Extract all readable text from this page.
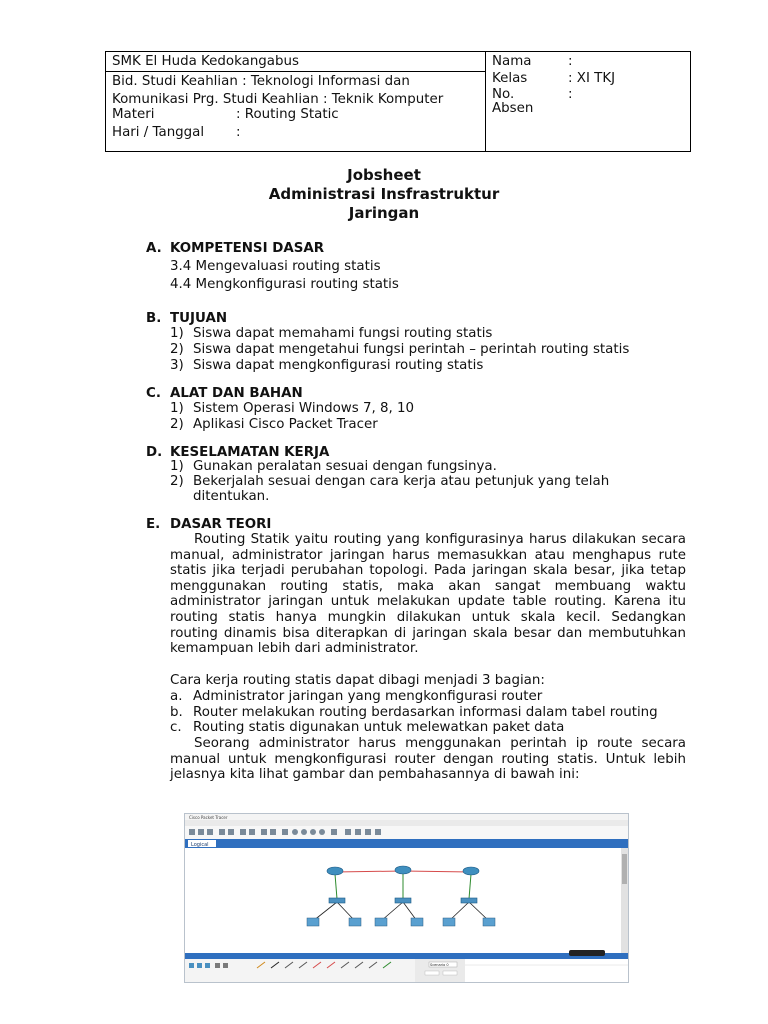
SMK El Huda Kedokangabus
Bid. Studi Keahlian : Teknologi Informasi dan
Komunikasi Prg. Studi Keahlian : Teknik Komputer
Materi	: Routing Static
Hari / Tanggal :
Nama	:
Kelas	: XI TKJ
No.	:
Absen
Jobsheet
Administrasi Insfrastruktur
Jaringan
A. KOMPETENSI DASAR
3.4 Mengevaluasi routing statis
4.4 Mengkonfigurasi routing statis
B. TUJUAN
1) Siswa dapat memahami fungsi routing statis
2) Siswa dapat mengetahui fungsi perintah – perintah routing statis
3) Siswa dapat mengkonfigurasi routing statis
C. ALAT DAN BAHAN
1) Sistem Operasi Windows 7, 8, 10
2) Aplikasi Cisco Packet Tracer
D. KESELAMATAN KERJA
1) Gunakan peralatan sesuai dengan fungsinya.
2) Bekerjalah sesuai dengan cara kerja atau petunjuk yang telah
ditentukan.
E. DASAR TEORI
Routing Statik yaitu routing yang konfigurasinya harus dilakukan secara manual, administrator jaringan harus memasukkan atau menghapus rute statis jika terjadi perubahan topologi. Pada jaringan skala besar, jika tetap menggunakan routing statis, maka akan sangat membuang waktu administrator jaringan untuk melakukan update table routing. Karena itu routing statis hanya mungkin dilakukan untuk skala kecil. Sedangkan routing dinamis bisa diterapkan di jaringan skala besar dan membutuhkan kemampuan lebih dari administrator.
Cara kerja routing statis dapat dibagi menjadi 3 bagian:
a. Administrator jaringan yang mengkonfigurasi router
b. Router melakukan routing berdasarkan informasi dalam tabel routing
c. Routing statis digunakan untuk melewatkan paket data
Seorang administrator harus menggunakan perintah ip route secara manual untuk mengkonfigurasi router dengan routing statis. Untuk lebih jelasnya kita lihat gambar dan pembahasannya di bawah ini:
Cisco Packet Tracer
Logical
Scenario 0
